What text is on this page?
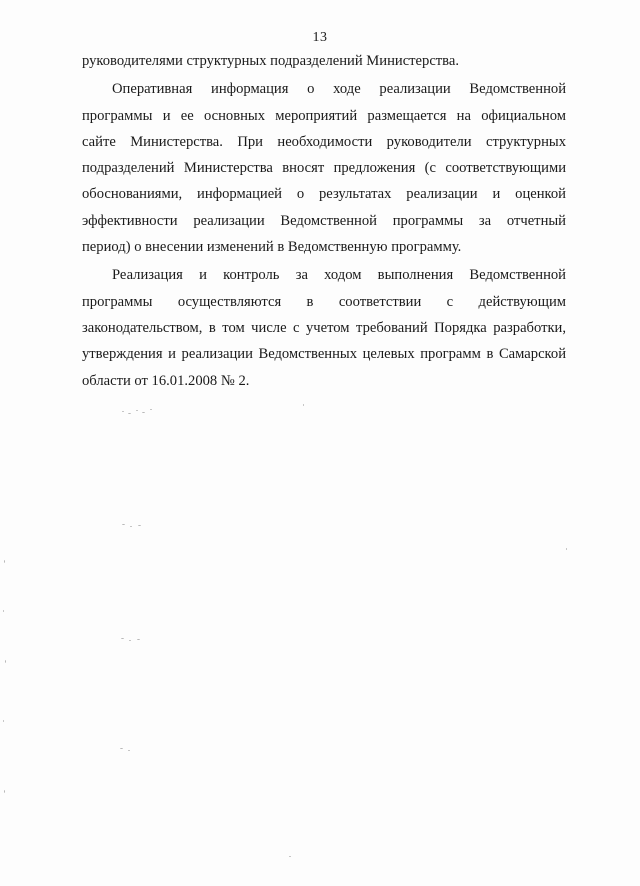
13
руководителями структурных подразделений Министерства.
Оперативная информация о ходе реализации Ведомственной
программы и ее основных мероприятий размещается на официальном
сайте Министерства. При необходимости руководители структурных
подразделений Министерства вносят предложения (с соответствующими
обоснованиями, информацией о результатах реализации и оценкой
эффективности реализации Ведомственной программы за отчетный
период) о внесении изменений в Ведомственную программу.
Реализация и контроль за ходом выполнения Ведомственной
программы осуществляются в соответствии с действующим
законодательством, в том числе с учетом требований Порядка разработки,
утверждения и реализации Ведомственных целевых программ в Самарской
области от 16.01.2008 № 2.
